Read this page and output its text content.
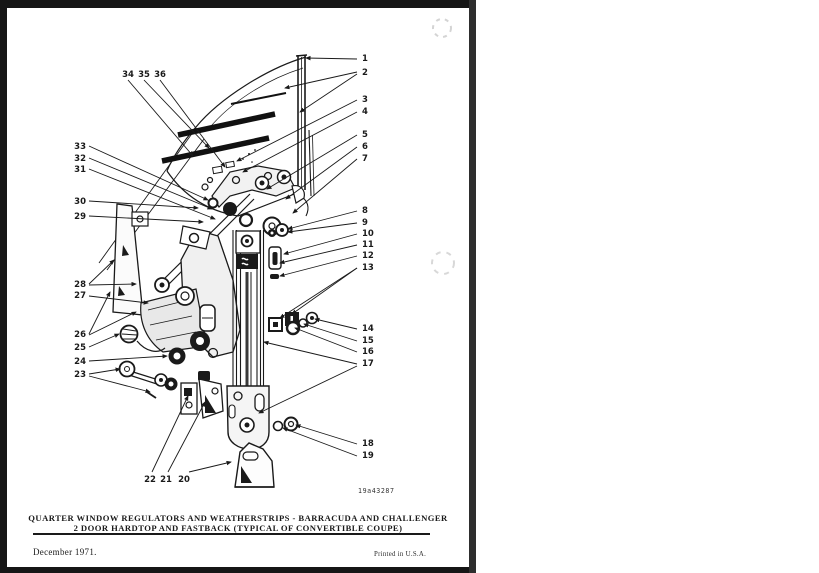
1
2
3
4
5
6
7
8
9
10
11
12
13
14
15
16
17
18
19
20
21
22
23
24
25
26
27
28
29
30
31
32
33
34 35 36
QUARTER WINDOW REGULATORS AND WEATHERSTRIPS - BARRACUDA AND CHALLENGER
2 DOOR HARDTOP AND FASTBACK (TYPICAL OF CONVERTIBLE COUPE)
19a43287
December 1971.	Printed in U.S.A.
